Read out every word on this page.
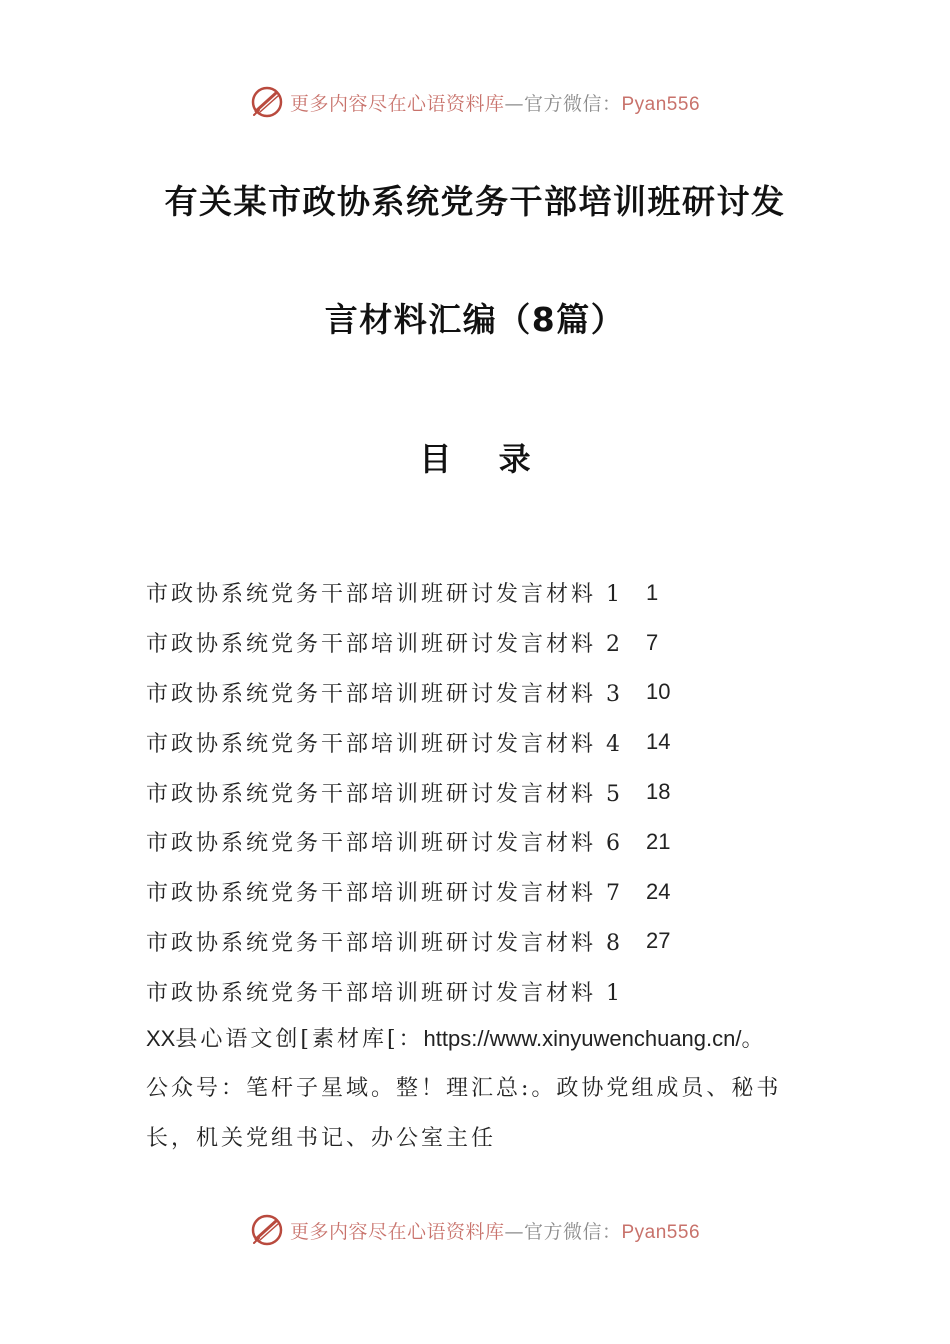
更多内容尽在心语资料库—官方微信：Pyan556
有关某市政协系统党务干部培训班研讨发
言材料汇编（8篇）
目 录
市政协系统党务干部培训班研讨发言材料 1	1
市政协系统党务干部培训班研讨发言材料 2	7
市政协系统党务干部培训班研讨发言材料 3	10
市政协系统党务干部培训班研讨发言材料 4	14
市政协系统党务干部培训班研讨发言材料 5	18
市政协系统党务干部培训班研讨发言材料 6	21
市政协系统党务干部培训班研讨发言材料 7	24
市政协系统党务干部培训班研讨发言材料 8	27
市政协系统党务干部培训班研讨发言材料 1
XX县心语文创[素材库[：https://www.xinyuwenchuang.cn/。
公众号：笔杆子星域。整！理汇总:。政协党组成员、秘书
长，机关党组书记、办公室主任
更多内容尽在心语资料库—官方微信：Pyan556
